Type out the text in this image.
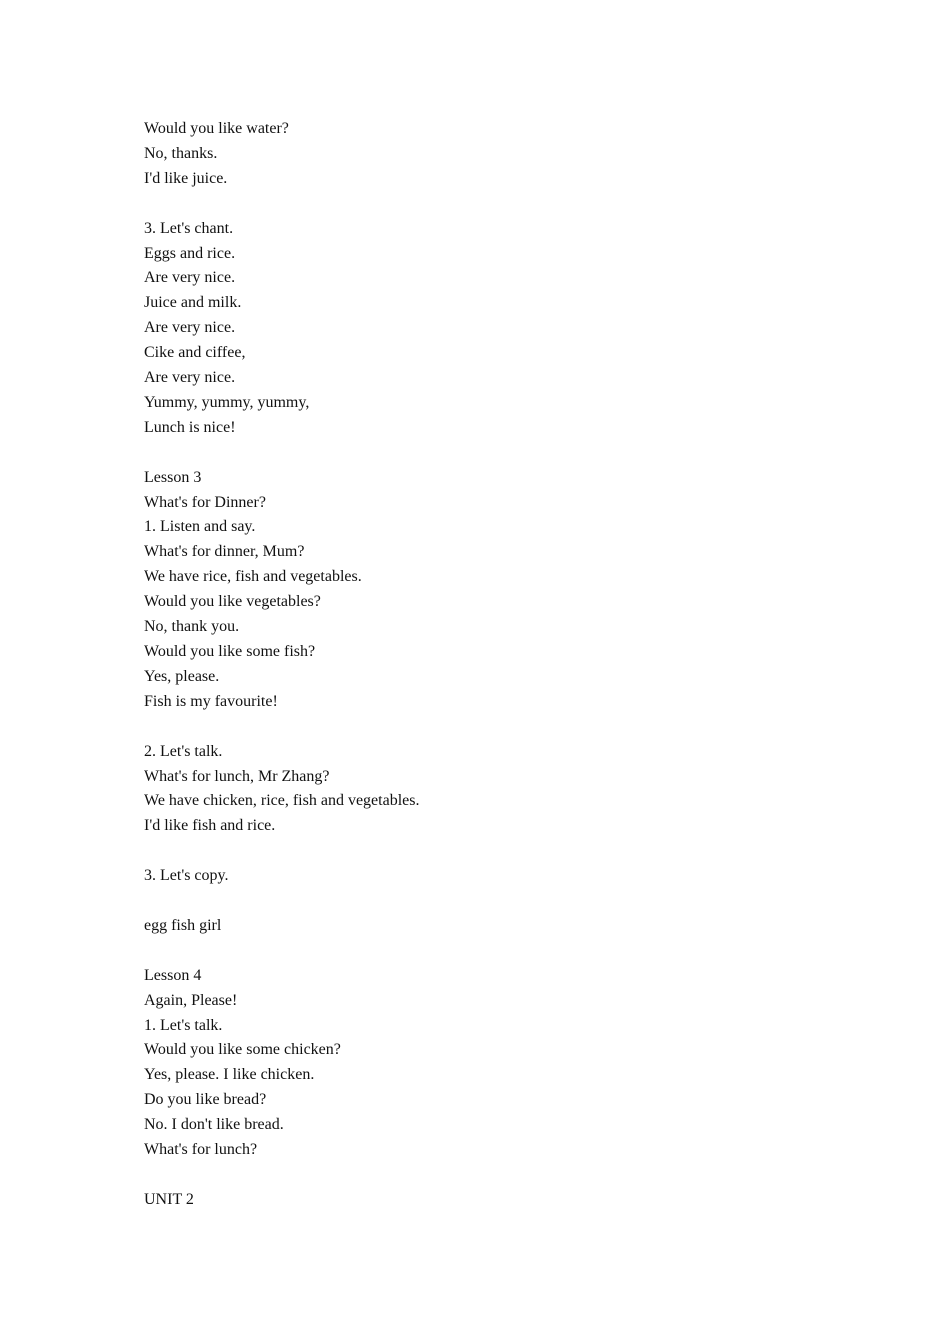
Would you like water?
No, thanks.
I'd like juice.
3. Let's chant.
Eggs and rice.
Are very nice.
Juice and milk.
Are very nice.
Cike and ciffee,
Are very nice.
Yummy, yummy, yummy,
Lunch is nice!
Lesson 3
What's for Dinner?
1. Listen and say.
What's for dinner, Mum?
We have rice, fish and vegetables.
Would you like vegetables?
No, thank you.
Would you like some fish?
Yes, please.
Fish is my favourite!
2. Let's talk.
What's for lunch, Mr Zhang?
We have chicken, rice, fish and vegetables.
I'd like fish and rice.
3. Let's copy.
egg fish girl
Lesson 4
Again, Please!
1. Let's talk.
Would you like some chicken?
Yes, please. I like chicken.
Do you like bread?
No. I don't like bread.
What's for lunch?
UNIT 2
